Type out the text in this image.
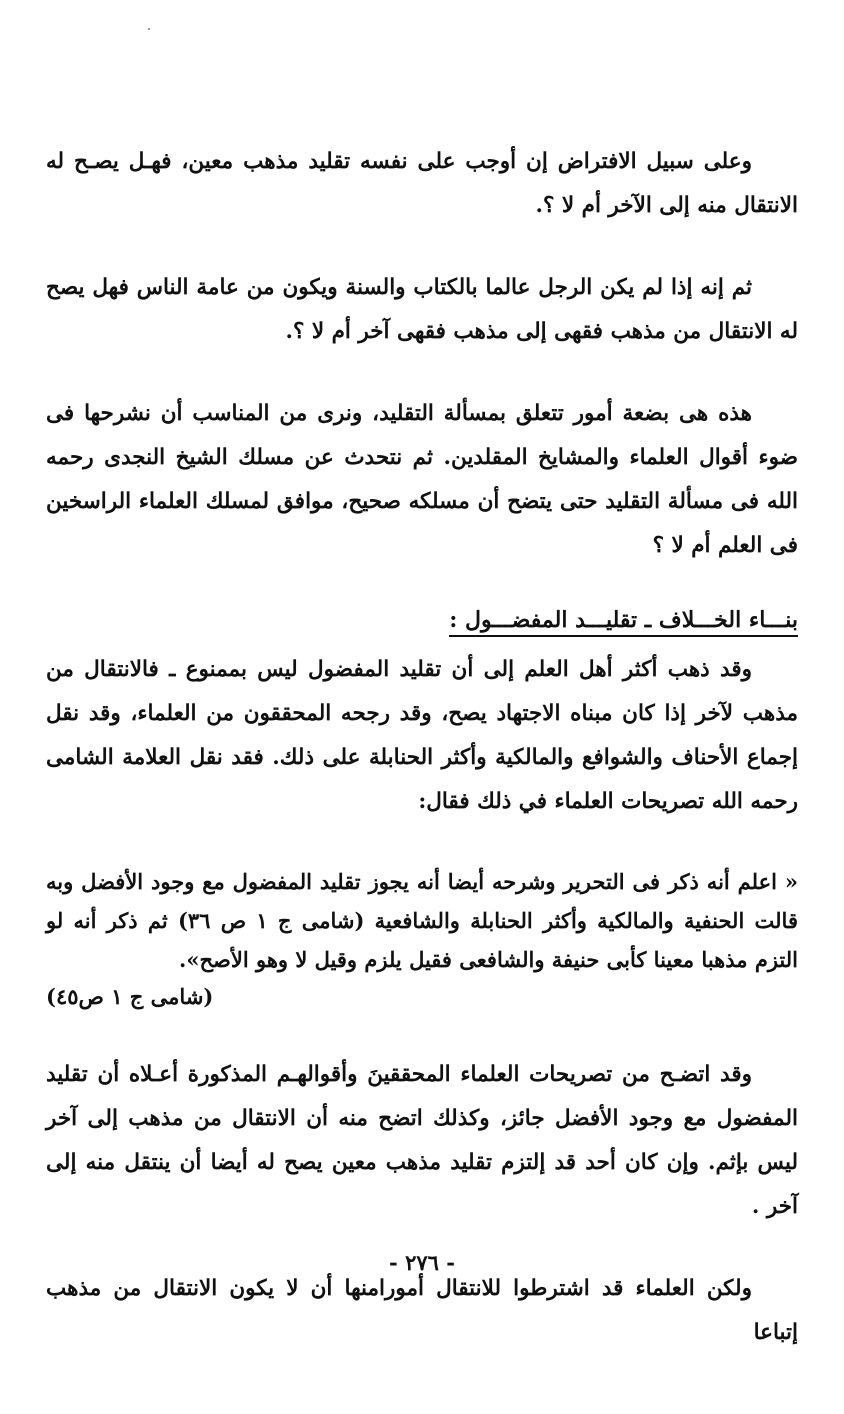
وعلى سبيل الافتراض إن أوجب على نفسه تقليد مذهب معين، فهـل يصـح له الانتقال منه إلى الآخر أم لا ؟.

ثم إنه إذا لم يكن الرجل عالما بالكتاب والسنة ويكون من عامة الناس فهل يصح له الانتقال من مذهب فقهى إلى مذهب فقهى آخر أم لا ؟.

هذه هى بضعة أمور تتعلق بمسألة التقليد، ونرى من المناسب أن نشرحها فى ضوء أقوال العلماء والمشايخ المقلدين. ثم نتحدث عن مسلك الشيخ النجدى رحمه الله فى مسألة التقليد حتى يتضح أن مسلكه صحيح، موافق لمسلك العلماء الراسخين فى العلم أم لا ؟

بنـــاء الخـــلاف ـ تقليـــد المفضـــول :

وقد ذهب أكثر أهل العلم إلى أن تقليد المفضول ليس بممنوع ـ فالانتقال من مذهب لآخر إذا كان مبناه الاجتهاد يصح، وقد رجحه المحققون من العلماء، وقد نقل إجماع الأحناف والشوافع والمالكية وأكثر الحنابلة على ذلك. فقد نقل العلامة الشامى رحمه الله تصريحات العلماء في ذلك فقال:

« اعلم أنه ذكر فى التحرير وشرحه أيضا أنه يجوز تقليد المفضول مع وجود الأفضل وبه قالت الحنفية والمالكية وأكثر الحنابلة والشافعية (شامى ج ١ ص ٣٦) ثم ذكر أنه لو التزم مذهبا معينا كأبى حنيفة والشافعى فقيل يلزم وقيل لا وهو الأصح».

(شامى ج ١ ص٤٥)

وقد اتضـح من تصريحات العلماء المحققينَ وأقوالهـم المذكورة أعـلاه أن تقليد المفضول مع وجود الأفضل جائز، وكذلك اتضح منه أن الانتقال من مذهب إلى آخر ليس بإثم. وإن كان أحد قد إلتزم تقليد مذهب معين يصح له أيضا أن ينتقل منه إلى آخر .

ولكن العلماء قد اشترطوا للانتقال أمورامنها أن لا يكون الانتقال من مذهب إتباعا

- ٢٧٦ -
